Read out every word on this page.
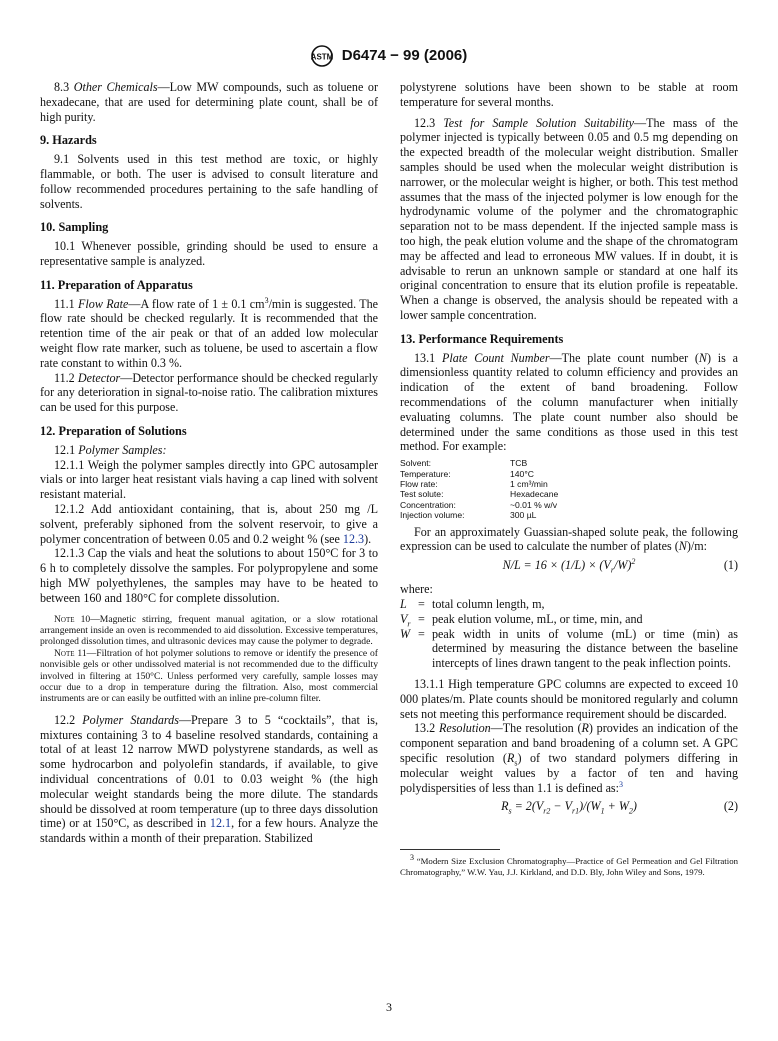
ASTM D6474 − 99 (2006)

8.3 Other Chemicals—Low MW compounds, such as toluene or hexadecane, that are used for determining plate count, shall be of high purity.

9. Hazards

9.1 Solvents used in this test method are toxic, or highly flammable, or both. The user is advised to consult literature and follow recommended procedures pertaining to the safe handling of solvents.

10. Sampling

10.1 Whenever possible, grinding should be used to ensure a representative sample is analyzed.

11. Preparation of Apparatus

11.1 Flow Rate—A flow rate of 1 ± 0.1 $cm^3/\min$ is suggested. The flow rate should be checked regularly. It is recommended that the retention time of the air peak or that of an added low molecular weight flow rate marker, such as toluene, be used to ascertain a flow rate constant to within 0.3 %.

11.2 Detector—Detector performance should be checked regularly for any deterioration in signal-to-noise ratio. The calibration mixtures can be used for this purpose.

12. Preparation of Solutions

12.1 Polymer Samples:

12.1.1 Weigh the polymer samples directly into GPC autosampler vials or into larger heat resistant vials having a cap lined with solvent resistant material.

12.1.2 Add antioxidant containing, that is, about 250 mg /L solvent, preferably siphoned from the solvent reservoir, to give a polymer concentration of between 0.05 and 0.2 weight % (see 12.3).

12.1.3 Cap the vials and heat the solutions to about 150°C for 3 to 6 h to completely dissolve the samples. For polypropylene and some high MW polyethylenes, the samples may have to be heated to between 160 and 180°C for complete dissolution.

Note 10—Magnetic stirring, frequent manual agitation, or a slow rotational arrangement inside an oven is recommended to aid dissolution. Excessive temperatures, prolonged dissolution times, and ultrasonic devices may cause the polymer to degrade.

Note 11—Filtration of hot polymer solutions to remove or identify the presence of nonvisible gels or other undissolved material is not recommended due to the difficulty involved in filtering at 150°C. Unless performed very carefully, sample losses may occur due to a drop in temperature during the filtration. Also, most commercial instruments are or can easily be outfitted with an inline pre-column filter.

12.2 Polymer Standards—Prepare 3 to 5 “cocktails”, that is, mixtures containing 3 to 4 baseline resolved standards, containing a total of at least 12 narrow MWD polystyrene standards, as well as some hydrocarbon and polyolefin standards, if available, to give individual concentrations of 0.01 to 0.03 weight % (the high molecular weight standards being the more dilute. The standards should be dissolved at room temperature (up to three days dissolution time) or at 150°C, as described in 12.1, for a few hours. Analyze the standards within a month of their preparation. Stabilized

polystyrene solutions have been shown to be stable at room temperature for several months.

12.3 Test for Sample Solution Suitability—The mass of the polymer injected is typically between 0.05 and 0.5 mg depending on the expected breadth of the molecular weight distribution. Smaller samples should be used when the molecular weight distribution is narrower, or the molecular weight is higher, or both. This test method assumes that the mass of the injected polymer is low enough for the hydrodynamic volume of the polymer and the chromatographic separation not to be mass dependent. If the injected sample mass is too high, the peak elution volume and the shape of the chromatogram may be affected and lead to erroneous MW values. If in doubt, it is advisable to rerun an unknown sample or standard at one half its original concentration to ensure that its elution profile is repeatable. When a change is observed, the analysis should be repeated with a lower sample concentration.

13. Performance Requirements

13.1 Plate Count Number—The plate count number (N) is a dimensionless quantity related to column efficiency and provides an indication of the extent of band broadening. Follow recommendations of the column manufacturer when initially evaluating columns. The plate count number also should be determined under the same conditions as those used in this test method. For example:

Solvent:	TCB
Temperature:	140°C
Flow rate:	1 cm³/min
Test solute:	Hexadecane
Concentration:	~0.01 % w/v
Injection volume:	300 µL

For an approximately Guassian-shaped solute peak, the following expression can be used to calculate the number of plates (N)/m:

$N/L = 16 \times (1/L) \times (V_r/W)^2$	(1)

where:

L = total column length, m,
$V_r$ = peak elution volume, mL, or time, min, and
W = peak width in units of volume (mL) or time (min) as determined by measuring the distance between the baseline intercepts of lines drawn tangent to the peak inflection points.

13.1.1 High temperature GPC columns are expected to exceed 10 000 plates/m. Plate counts should be monitored regularly and column sets not meeting this performance requirement should be discarded.

13.2 Resolution—The resolution (R) provides an indication of the component separation and band broadening of a column set. A GPC specific resolution $(R_s)$ of two standard polymers differing in molecular weight values by a factor of ten and having polydispersities of less than 1.1 is defined as:$^3$

$R_s = 2(V_{r2} - V_{r1})/(W_1 + W_2)$	(2)

$^3$ “Modern Size Exclusion Chromatography—Practice of Gel Permeation and Gel Filtration Chromatography,” W.W. Yau, J.J. Kirkland, and D.D. Bly, John Wiley and Sons, 1979.

3
